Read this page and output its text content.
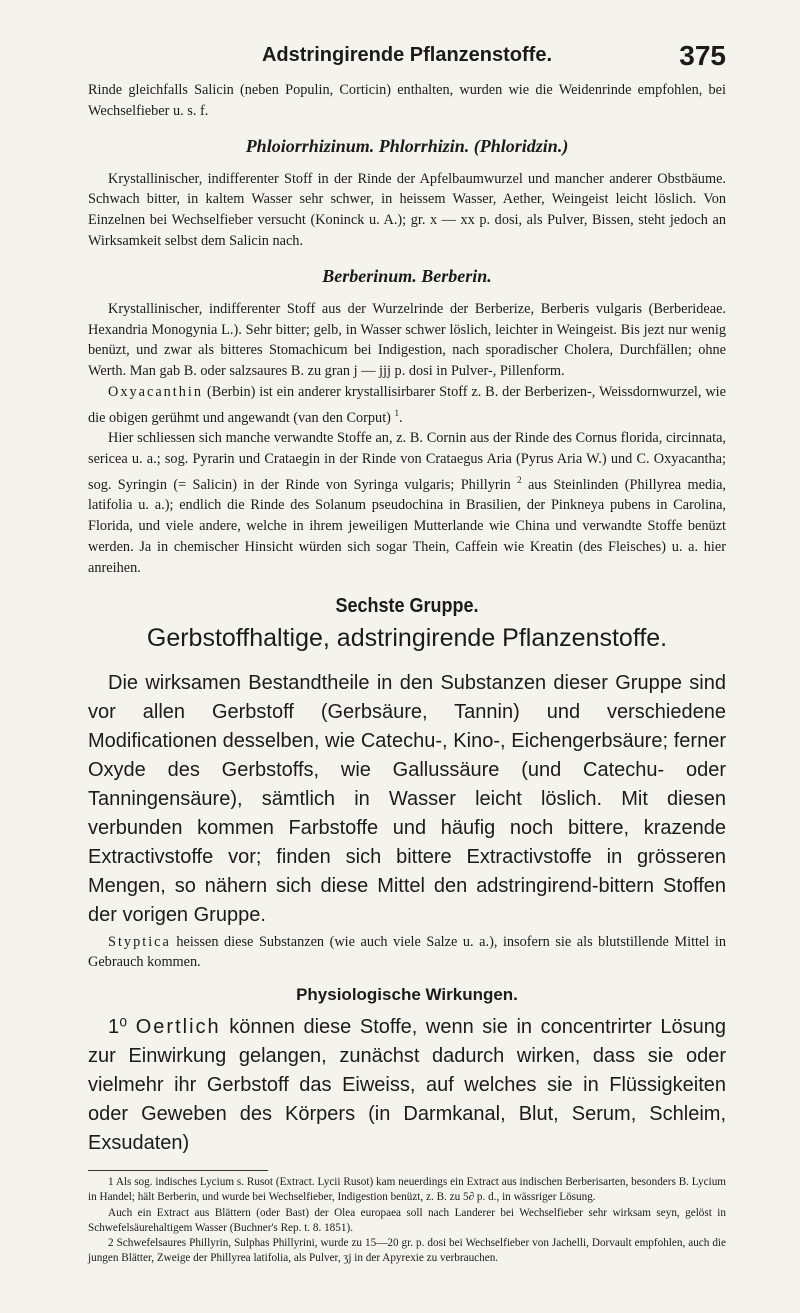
Adstringirende Pflanzenstoffe.	375

Rinde gleichfalls Salicin (neben Populin, Corticin) enthalten, wurden wie die Weidenrinde empfohlen, bei Wechselfieber u. s. f.

Phloiorrhizinum. Phlorrhizin. (Phloridzin.)

Krystallinischer, indifferenter Stoff in der Rinde der Apfelbaumwurzel und mancher anderer Obstbäume. Schwach bitter, in kaltem Wasser sehr schwer, in heissem Wasser, Aether, Weingeist leicht löslich. Von Einzelnen bei Wechselfieber versucht (Koninck u. A.); gr. x — xx p. dosi, als Pulver, Bissen, steht jedoch an Wirksamkeit selbst dem Salicin nach.

Berberinum. Berberin.

Krystallinischer, indifferenter Stoff aus der Wurzelrinde der Berberize, Berberis vulgaris (Berberideae. Hexandria Monogynia L.). Sehr bitter; gelb, in Wasser schwer löslich, leichter in Weingeist. Bis jezt nur wenig benüzt, und zwar als bitteres Stomachicum bei Indigestion, nach sporadischer Cholera, Durchfällen; ohne Werth. Man gab B. oder salzsaures B. zu gran j — jjj p. dosi in Pulver-, Pillenform.

Oxyacanthin (Berbin) ist ein anderer krystallisirbarer Stoff z. B. der Berberizen-, Weissdornwurzel, wie die obigen gerühmt und angewandt (van den Corput) $^1$.

Hier schliessen sich manche verwandte Stoffe an, z. B. Cornin aus der Rinde des Cornus florida, circinnata, sericea u. a.; sog. Pyrarin und Crataegin in der Rinde von Crataegus Aria (Pyrus Aria W.) und C. Oxyacantha; sog. Syringin (= Salicin) in der Rinde von Syringa vulgaris; Phillyrin $^2$ aus Steinlinden (Phillyrea media, latifolia u. a.); endlich die Rinde des Solanum pseudochina in Brasilien, der Pinkneya pubens in Carolina, Florida, und viele andere, welche in ihrem jeweiligen Mutterlande wie China und verwandte Stoffe benüzt werden. Ja in chemischer Hinsicht würden sich sogar Thein, Caffein wie Kreatin (des Fleisches) u. a. hier anreihen.

Sechste Gruppe.
Gerbstoffhaltige, adstringirende Pflanzenstoffe.

Die wirksamen Bestandtheile in den Substanzen dieser Gruppe sind vor allen Gerbstoff (Gerbsäure, Tannin) und verschiedene Modificationen desselben, wie Catechu-, Kino-, Eichengerbsäure; ferner Oxyde des Gerbstoffs, wie Gallussäure (und Catechu- oder Tanningensäure), sämtlich in Wasser leicht löslich. Mit diesen verbunden kommen Farbstoffe und häufig noch bittere, krazende Extractivstoffe vor; finden sich bittere Extractivstoffe in grösseren Mengen, so nähern sich diese Mittel den adstringirend-bittern Stoffen der vorigen Gruppe.

Styptica heissen diese Substanzen (wie auch viele Salze u. a.), insofern sie als blutstillende Mittel in Gebrauch kommen.

Physiologische Wirkungen.

1⁰ Oertlich können diese Stoffe, wenn sie in concentrirter Lösung zur Einwirkung gelangen, zunächst dadurch wirken, dass sie oder vielmehr ihr Gerbstoff das Eiweiss, auf welches sie in Flüssigkeiten oder Geweben des Körpers (in Darmkanal, Blut, Serum, Schleim, Exsudaten)

1 Als sog. indisches Lycium s. Rusot (Extract. Lycii Rusot) kam neuerdings ein Extract aus indischen Berberisarten, besonders B. Lycium in Handel; hält Berberin, und wurde bei Wechselfieber, Indigestion benüzt, z. B. zu 5∂ p. d., in wässriger Lösung.

Auch ein Extract aus Blättern (oder Bast) der Olea europaea soll nach Landerer bei Wechselfieber sehr wirksam seyn, gelöst in Schwefelsäurehaltigem Wasser (Buchner's Rep. t. 8. 1851).

2 Schwefelsaures Phillyrin, Sulphas Phillyrini, wurde zu 15—20 gr. p. dosi bei Wechselfieber von Jachelli, Dorvault empfohlen, auch die jungen Blätter, Zweige der Phillyrea latifolia, als Pulver, ʒj in der Apyrexie zu verbrauchen.
